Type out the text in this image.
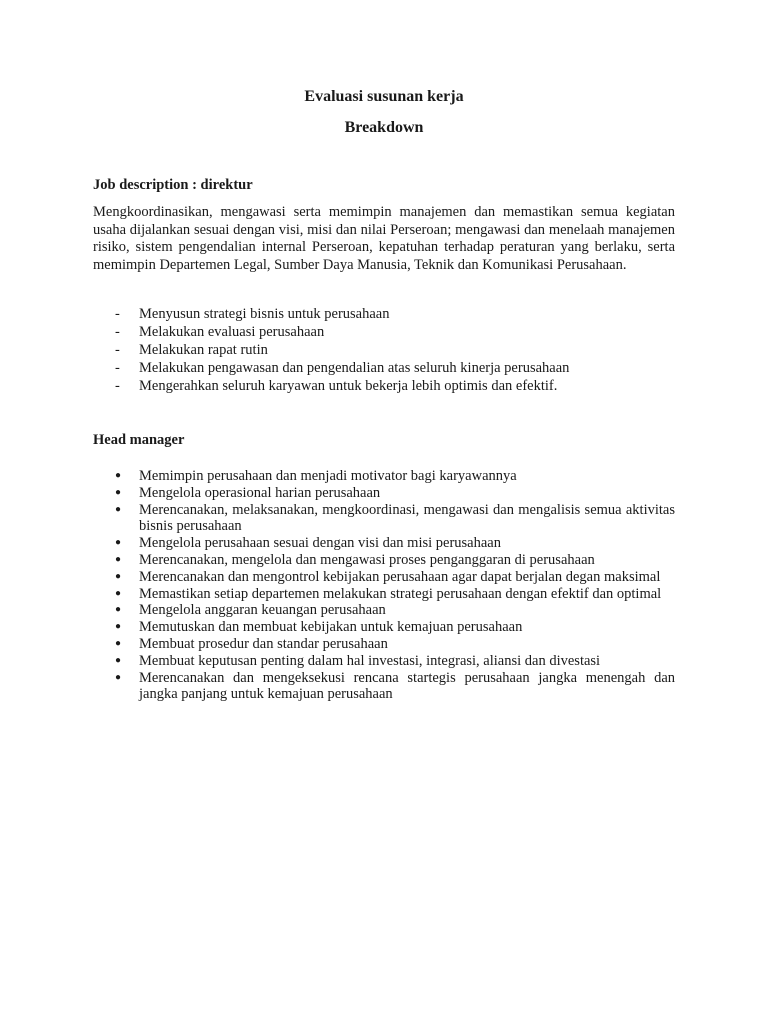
Evaluasi susunan kerja
Breakdown
Job description : direktur
Mengkoordinasikan, mengawasi serta memimpin manajemen dan memastikan semua kegiatan usaha dijalankan sesuai dengan visi, misi dan nilai Perseroan; mengawasi dan menelaah manajemen risiko, sistem pengendalian internal Perseroan, kepatuhan terhadap peraturan yang berlaku, serta memimpin Departemen Legal, Sumber Daya Manusia, Teknik dan Komunikasi Perusahaan.
-	Menyusun strategi bisnis untuk perusahaan
-	Melakukan evaluasi perusahaan
-	Melakukan rapat rutin
-	Melakukan pengawasan dan pengendalian atas seluruh kinerja perusahaan
-	Mengerahkan seluruh karyawan untuk bekerja lebih optimis dan efektif.
Head manager
●	Memimpin perusahaan dan menjadi motivator bagi karyawannya
●	Mengelola operasional harian perusahaan
●	Merencanakan, melaksanakan, mengkoordinasi, mengawasi dan mengalisis semua aktivitas bisnis perusahaan
●	Mengelola perusahaan sesuai dengan visi dan misi perusahaan
●	Merencanakan, mengelola dan mengawasi proses penganggaran di perusahaan
●	Merencanakan dan mengontrol kebijakan perusahaan agar dapat berjalan degan maksimal
●	Memastikan setiap departemen melakukan strategi perusahaan dengan efektif dan optimal
●	Mengelola anggaran keuangan perusahaan
●	Memutuskan dan membuat kebijakan untuk kemajuan perusahaan
●	Membuat prosedur dan standar perusahaan
●	Membuat keputusan penting dalam hal investasi, integrasi, aliansi dan divestasi
●	Merencanakan dan mengeksekusi rencana startegis perusahaan jangka menengah dan jangka panjang untuk kemajuan perusahaan
